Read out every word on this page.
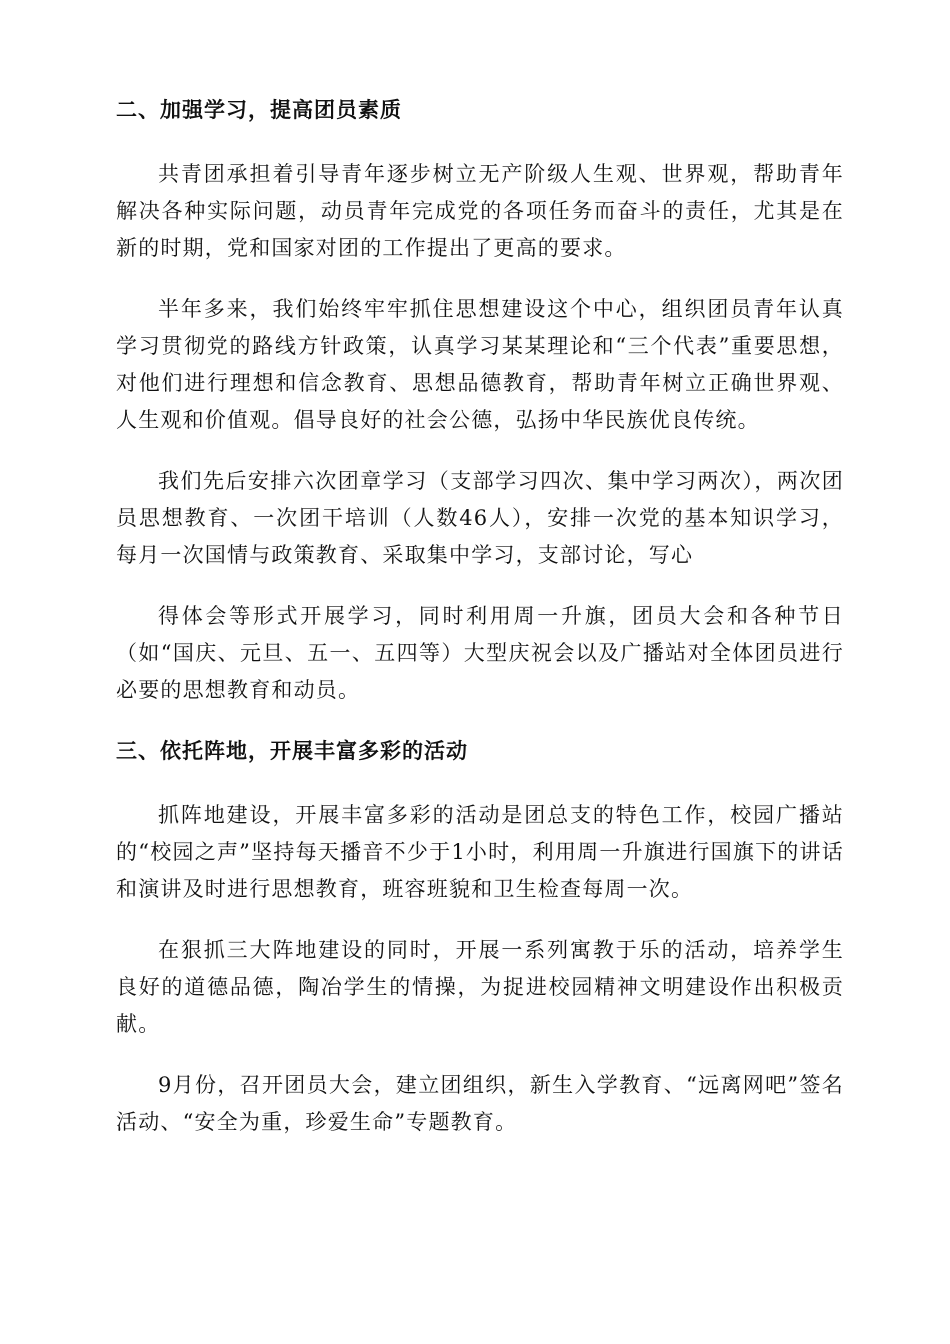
二、加强学习，提高团员素质

共青团承担着引导青年逐步树立无产阶级人生观、世界观，帮助青年解决各种实际问题，动员青年完成党的各项任务而奋斗的责任，尤其是在新的时期，党和国家对团的工作提出了更高的要求。

半年多来，我们始终牢牢抓住思想建设这个中心，组织团员青年认真学习贯彻党的路线方针政策，认真学习某某理论和“三个代表”重要思想，对他们进行理想和信念教育、思想品德教育，帮助青年树立正确世界观、人生观和价值观。倡导良好的社会公德，弘扬中华民族优良传统。

我们先后安排六次团章学习（支部学习四次、集中学习两次），两次团员思想教育、一次团干培训（人数46人），安排一次党的基本知识学习，每月一次国情与政策教育、采取集中学习，支部讨论，写心

得体会等形式开展学习，同时利用周一升旗，团员大会和各种节日（如“国庆、元旦、五一、五四等）大型庆祝会以及广播站对全体团员进行必要的思想教育和动员。

三、依托阵地，开展丰富多彩的活动

抓阵地建设，开展丰富多彩的活动是团总支的特色工作，校园广播站的“校园之声”坚持每天播音不少于1小时，利用周一升旗进行国旗下的讲话和演讲及时进行思想教育，班容班貌和卫生检查每周一次。

在狠抓三大阵地建设的同时，开展一系列寓教于乐的活动，培养学生良好的道德品德，陶冶学生的情操，为捉进校园精神文明建设作出积极贡献。

9月份，召开团员大会，建立团组织，新生入学教育、“远离网吧”签名活动、“安全为重，珍爱生命”专题教育。
